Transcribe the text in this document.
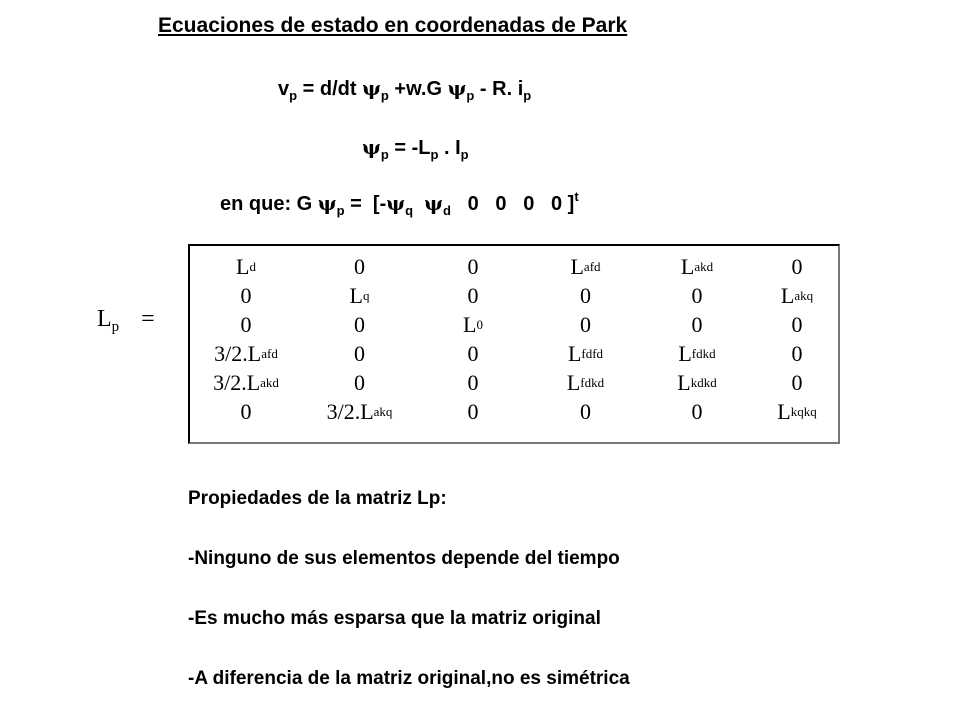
Ecuaciones de estado en coordenadas de Park
$v_p = d/dt$ $\psi_p +w.G$ $\psi_p$ - R. $i_p$
$\psi_p = -L_p$ . $I_p$
en que: G $\psi_p = [-\psi_q$ $\psi_d$   0   0   0   0 ]$^t$
$L_p$ =
L d	0	0	L afd	L akd	0
0	L q	0	0	0	L akq
0	0	L 0	0	0	0
3/2.L afd	0	0	L fdfd	L fdkd	0
3/2.L akd	0	0	L fdkd	L kdkd	0
0	3/2.L akq	0	0	0	L kqkq
Propiedades de la matriz Lp:
-Ninguno de sus elementos depende del tiempo
-Es mucho más esparsa que la matriz original
-A diferencia de la matriz original,no es simétrica
